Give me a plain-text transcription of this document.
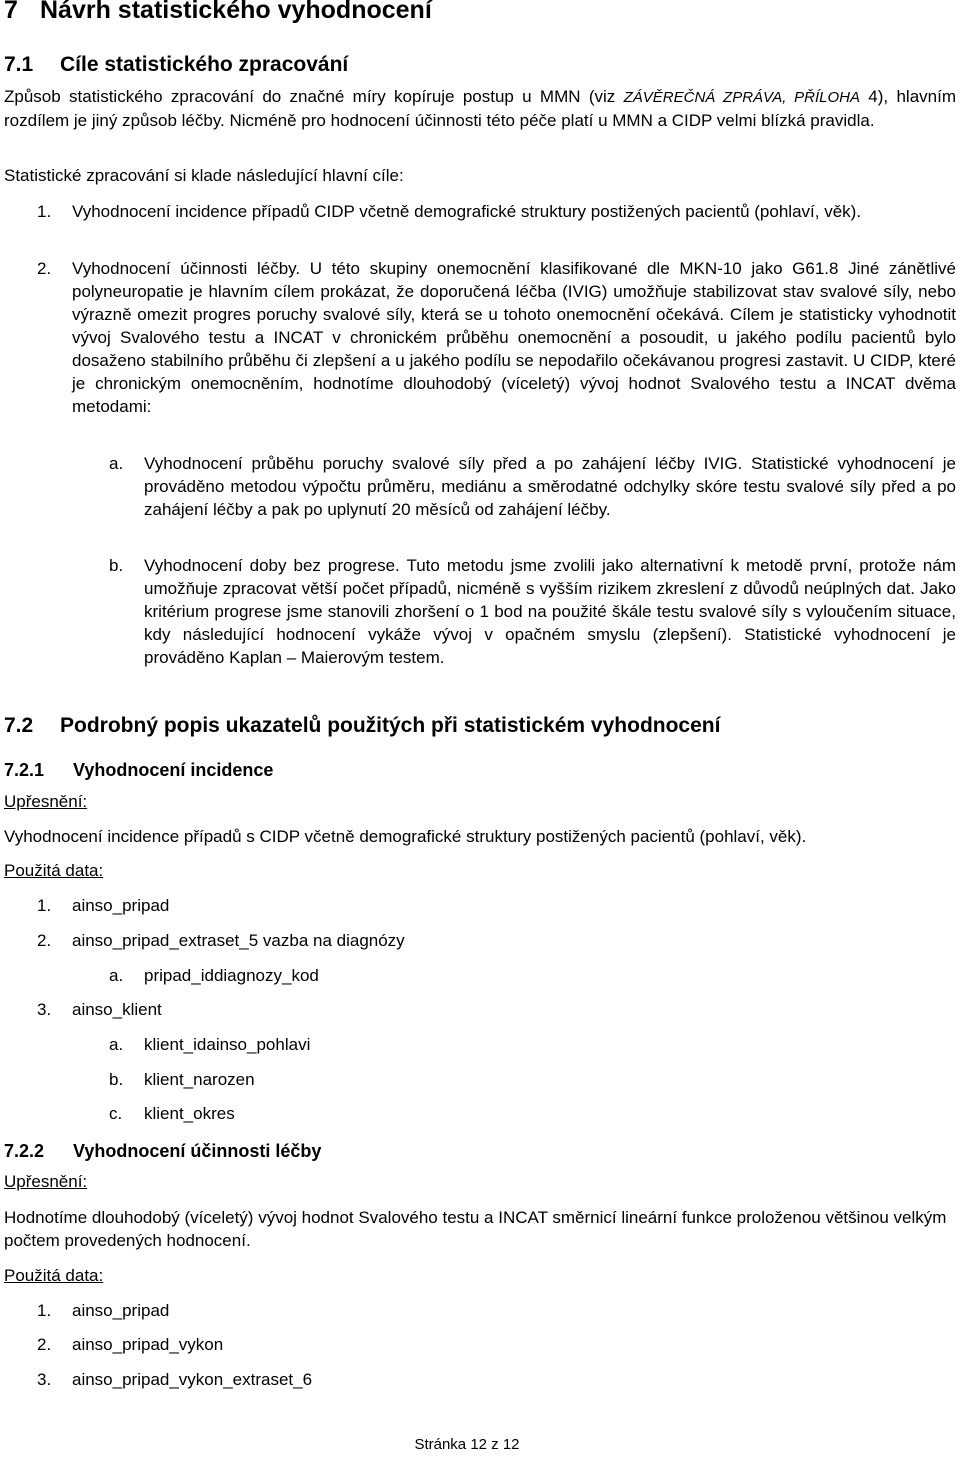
7 Návrh statistického vyhodnocení
7.1 Cíle statistického zpracování
Způsob statistického zpracování do značné míry kopíruje postup u MMN (viz ZÁVĚREČNÁ ZPRÁVA, PŘÍLOHA 4), hlavním rozdílem je jiný způsob léčby. Nicméně pro hodnocení účinnosti této péče platí u MMN a CIDP velmi blízká pravidla.
Statistické zpracování si klade následující hlavní cíle:
1. Vyhodnocení incidence případů CIDP včetně demografické struktury postižených pacientů (pohlaví, věk).
2. Vyhodnocení účinnosti léčby. U této skupiny onemocnění klasifikované dle MKN-10 jako G61.8 Jiné zánětlivé polyneuropatie je hlavním cílem prokázat, že doporučená léčba (IVIG) umožňuje stabilizovat stav svalové síly, nebo výrazně omezit progres poruchy svalové síly, která se u tohoto onemocnění očekává. Cílem je statisticky vyhodnotit vývoj Svalového testu a INCAT v chronickém průběhu onemocnění a posoudit, u jakého podílu pacientů bylo dosaženo stabilního průběhu či zlepšení a u jakého podílu se nepodařilo očekávanou progresi zastavit. U CIDP, které je chronickým onemocněním, hodnotíme dlouhodobý (víceletý) vývoj hodnot Svalového testu a INCAT dvěma metodami:
a. Vyhodnocení průběhu poruchy svalové síly před a po zahájení léčby IVIG. Statistické vyhodnocení je prováděno metodou výpočtu průměru, mediánu a směrodatné odchylky skóre testu svalové síly před a po zahájení léčby a pak po uplynutí 20 měsíců od zahájení léčby.
b. Vyhodnocení doby bez progrese. Tuto metodu jsme zvolili jako alternativní k metodě první, protože nám umožňuje zpracovat větší počet případů, nicméně s vyšším rizikem zkreslení z důvodů neúplných dat. Jako kritérium progrese jsme stanovili zhoršení o 1 bod na použité škále testu svalové síly s vyloučením situace, kdy následující hodnocení vykáže vývoj v opačném smyslu (zlepšení). Statistické vyhodnocení je prováděno Kaplan – Maierovým testem.
7.2 Podrobný popis ukazatelů použitých při statistickém vyhodnocení
7.2.1 Vyhodnocení incidence
Upřesnění:
Vyhodnocení incidence případů s CIDP včetně demografické struktury postižených pacientů (pohlaví, věk).
Použitá data:
1. ainso_pripad
2. ainso_pripad_extraset_5 vazba na diagnózy
a. pripad_iddiagnozy_kod
3. ainso_klient
a. klient_idainso_pohlavi
b. klient_narozen
c. klient_okres
7.2.2 Vyhodnocení účinnosti léčby
Upřesnění:
Hodnotíme dlouhodobý (víceletý) vývoj hodnot Svalového testu a INCAT směrnicí lineární funkce proloženou většinou velkým počtem provedených hodnocení.
Použitá data:
1. ainso_pripad
2. ainso_pripad_vykon
3. ainso_pripad_vykon_extraset_6
Stránka 12 z 12
